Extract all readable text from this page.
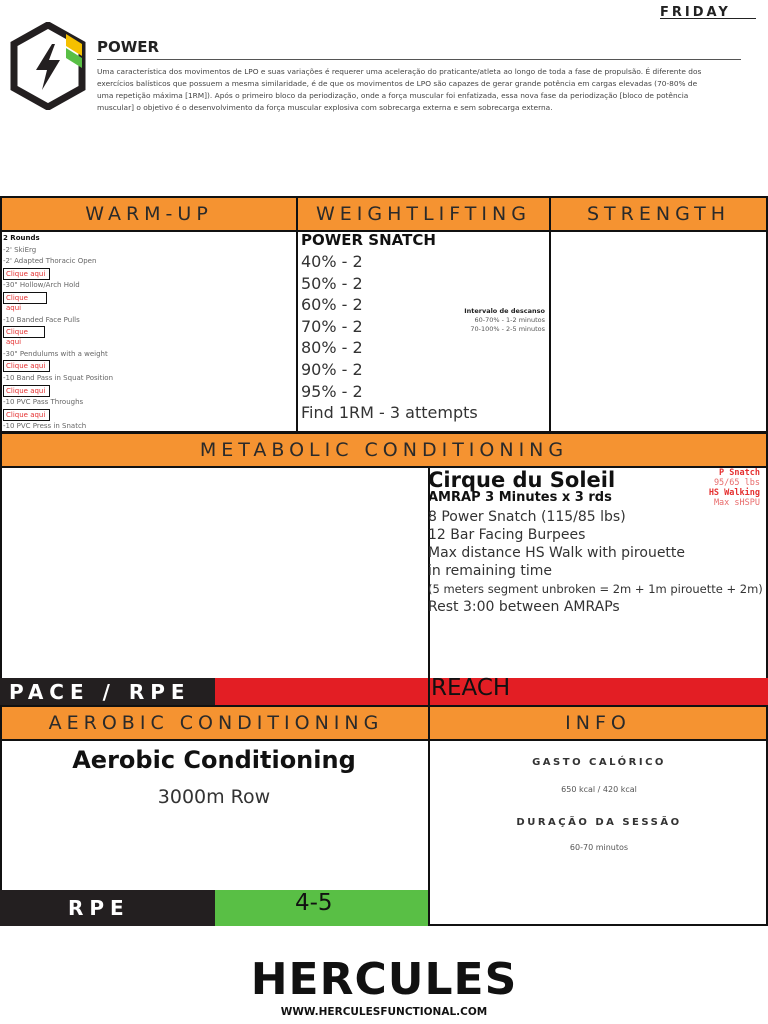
FRIDAY
POWER
Uma característica dos movimentos de LPO e suas variações é requerer uma aceleração do praticante/atleta ao longo de toda a fase de propulsão. É diferente dos exercícios balísticos que possuem a mesma similaridade, é de que os movimentos de LPO são capazes de gerar grande potência em cargas elevadas (70-80% de uma repetição máxima [1RM]). Após o primeiro bloco da periodização, onde a força muscular foi enfatizada, essa nova fase da periodização [bloco de potência muscular] o objetivo é o desenvolvimento da força muscular explosiva com sobrecarga externa e sem sobrecarga externa.
WARM-UP	WEIGHTLIFTING	STRENGTH
2 Rounds
-2' SkiErg
-2' Adapted Thoracic Open
Clique aqui
-30" Hollow/Arch Hold
Clique aqui
-10 Banded Face Pulls
Clique aqui
-30" Pendulums with a weight
Clique aqui
-10 Band Pass in Squat Position
Clique aqui
-10 PVC Pass Throughs
Clique aqui
-10 PVC Press in Snatch
POWER SNATCH
40% - 2
50% - 2
60% - 2
70% - 2
80% - 2
90% - 2
95% - 2
Find 1RM - 3 attempts
Intervalo de descanso
60-70% - 1-2 minutos
70-100% - 2-5 minutos
METABOLIC CONDITIONING
Cirque du Soleil
AMRAP 3 Minutes x 3 rds
8 Power Snatch (115/85 lbs)
12 Bar Facing Burpees
Max distance HS Walk with pirouette
in remaining time
(5 meters segment unbroken = 2m + 1m pirouette + 2m)
Rest 3:00 between AMRAPs
P Snatch
95/65 lbs
HS Walking
Max sHSPU
PACE / RPE	REACH
AEROBIC CONDITIONING	INFO
Aerobic Conditioning
3000m Row
GASTO CALÓRICO
650 kcal / 420 kcal
DURAÇÃO DA SESSÃO
60-70 minutos
RPE	4-5
HERCULES
WWW.HERCULESFUNCTIONAL.COM
